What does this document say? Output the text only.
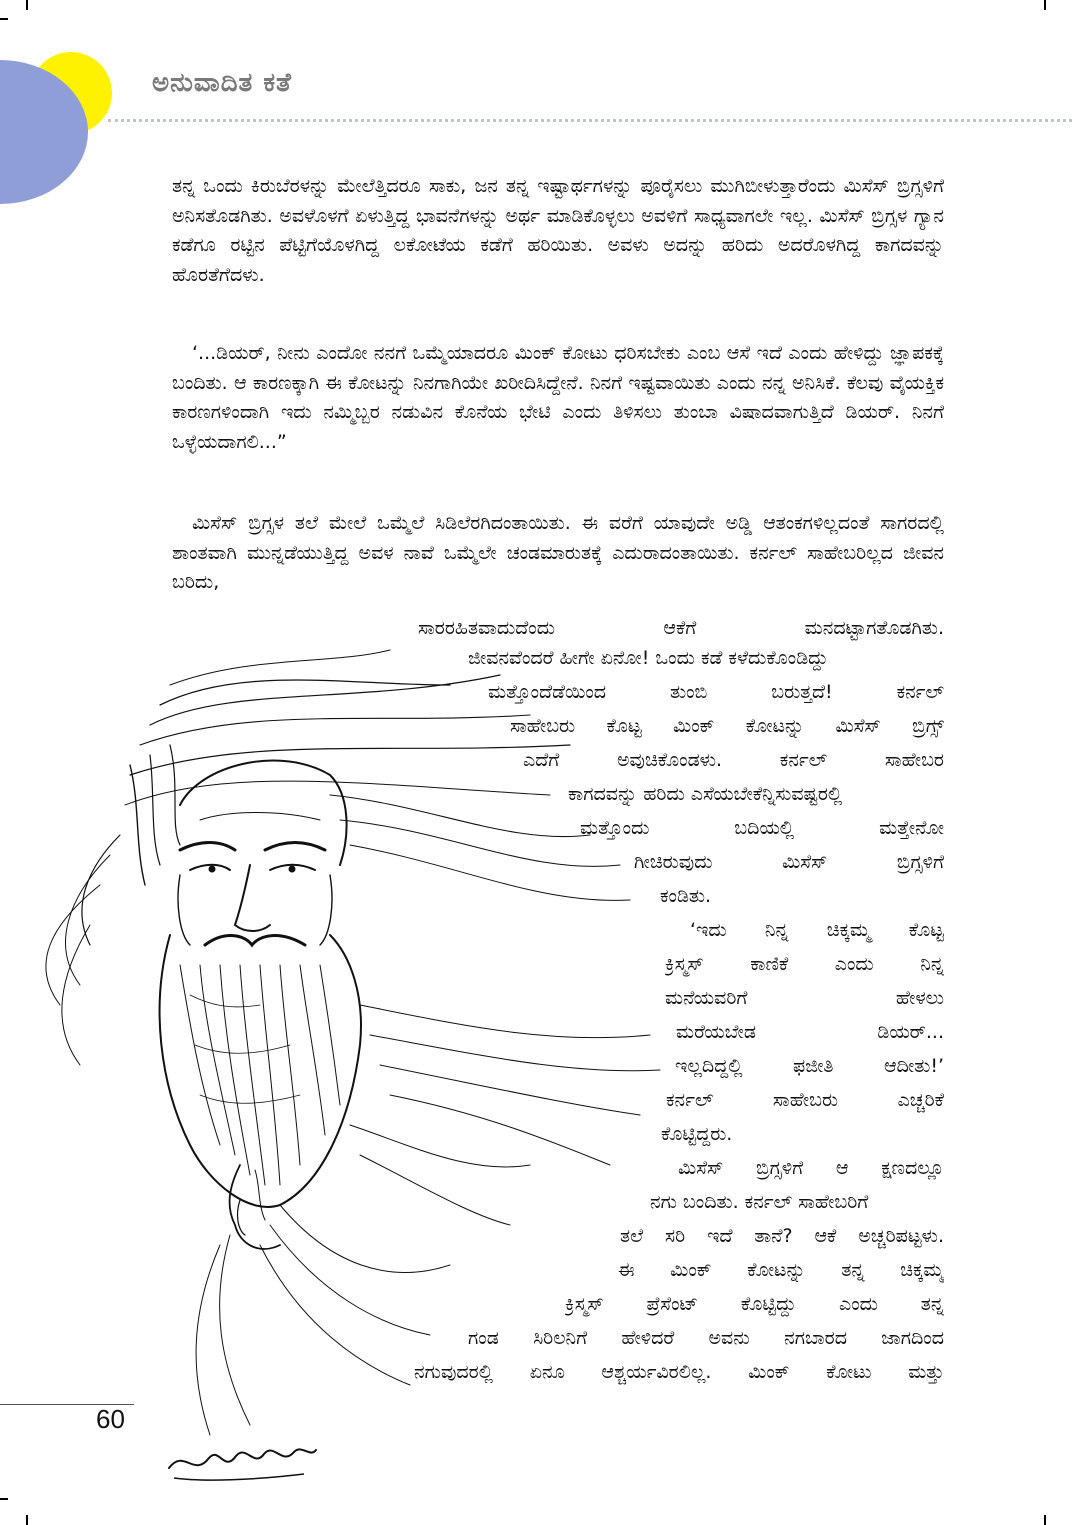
ಅನುವಾದಿತ ಕತೆ

ತನ್ನ ಒಂದು ಕಿರುಬೆರಳನ್ನು ಮೇಲೆತ್ತಿದರೂ ಸಾಕು, ಜನ ತನ್ನ ಇಷ್ಟಾರ್ಥಗಳನ್ನು ಪೂರೈಸಲು ಮುಗಿಬೀಳುತ್ತಾರೆಂದು ಮಿಸೆಸ್ ಬ್ರಿಗ್ಸಳಿಗೆ ಅನಿಸತೊಡಗಿತು. ಅವಳೊಳಗೆ ಏಳುತ್ತಿದ್ದ ಭಾವನೆಗಳನ್ನು ಅರ್ಥ ಮಾಡಿಕೊಳ್ಳಲು ಅವಳಿಗೆ ಸಾಧ್ಯವಾಗಲೇ ಇಲ್ಲ. ಮಿಸೆಸ್ ಬ್ರಿಗ್ಸಳ ಗ್ಯಾನ ಕಡೆಗೂ ರಟ್ಟಿನ ಪೆಟ್ಟಿಗೆಯೊಳಗಿದ್ದ ಲಕೋಟೆಯ ಕಡೆಗೆ ಹರಿಯಿತು. ಅವಳು ಅದನ್ನು ಹರಿದು ಅದರೊಳಗಿದ್ದ ಕಾಗದವನ್ನು ಹೊರತೆಗೆದಳು.

‘...ಡಿಯರ್, ನೀನು ಎಂದೋ ನನಗೆ ಒಮ್ಮೆಯಾದರೂ ಮಿಂಕ್ ಕೋಟು ಧರಿಸಬೇಕು ಎಂಬ ಆಸೆ ಇದೆ ಎಂದು ಹೇಳಿದ್ದು ಜ್ಞಾಪಕಕ್ಕೆ ಬಂದಿತು. ಆ ಕಾರಣಕ್ಕಾಗಿ ಈ ಕೋಟನ್ನು ನಿನಗಾಗಿಯೇ ಖರೀದಿಸಿದ್ದೇನೆ. ನಿನಗೆ ಇಷ್ಟವಾಯಿತು ಎಂದು ನನ್ನ ಅನಿಸಿಕೆ. ಕೆಲವು ವೈಯಕ್ತಿಕ ಕಾರಣಗಳಿಂದಾಗಿ ಇದು ನಮ್ಮಿಬ್ಬರ ನಡುವಿನ ಕೊನೆಯ ಭೇಟಿ ಎಂದು ತಿಳಿಸಲು ತುಂಬಾ ವಿಷಾದವಾಗುತ್ತಿದೆ ಡಿಯರ್. ನಿನಗೆ ಒಳ್ಳೆಯದಾಗಲಿ...”

ಮಿಸೆಸ್ ಬ್ರಿಗ್ಸಳ ತಲೆ ಮೇಲೆ ಒಮ್ಮೆಲೆ ಸಿಡಿಲೆರಗಿದಂತಾಯಿತು. ಈ ವರೆಗೆ ಯಾವುದೇ ಅಡ್ಡಿ ಆತಂಕಗಳಿಲ್ಲದಂತೆ ಸಾಗರದಲ್ಲಿ ಶಾಂತವಾಗಿ ಮುನ್ನಡೆಯುತ್ತಿದ್ದ ಅವಳ ನಾವೆ ಒಮ್ಮೆಲೇ ಚಂಡಮಾರುತಕ್ಕೆ ಎದುರಾದಂತಾಯಿತು. ಕರ್ನಲ್ ಸಾಹೇಬರಿಲ್ಲದ ಜೀವನ ಬರಿದು,

ಸಾರರಹಿತವಾದುದೆಂದು ಆಕೆಗೆ ಮನದಟ್ಟಾಗತೊಡಗಿತು.

ಜೀವನವೆಂದರೆ ಹೀಗೇ ಏನೋ! ಒಂದು ಕಡೆ ಕಳೆದುಕೊಂಡಿದ್ದು

ಮತ್ತೊಂದೆಡೆಯಿಂದ ತುಂಬಿ ಬರುತ್ತದೆ! ಕರ್ನಲ್

ಸಾಹೇಬರು ಕೊಟ್ಟ ಮಿಂಕ್ ಕೋಟನ್ನು ಮಿಸೆಸ್ ಬ್ರಿಗ್ಸ್

ಎದೆಗೆ ಅವುಚಿಕೊಂಡಳು. ಕರ್ನಲ್ ಸಾಹೇಬರ

ಕಾಗದವನ್ನು ಹರಿದು ಎಸೆಯಬೇಕೆನ್ನಿಸುವಷ್ಟರಲ್ಲಿ

ಮತ್ತೊಂದು ಬದಿಯಲ್ಲಿ ಮತ್ತೇನೋ

ಗೀಚಿರುವುದು ಮಿಸೆಸ್ ಬ್ರಿಗ್ಸಳಿಗೆ

ಕಂಡಿತು.

‘ಇದು ನಿನ್ನ ಚಿಕ್ಕಮ್ಮ ಕೊಟ್ಟ

ಕ್ರಿಸ್ಮಸ್ ಕಾಣಿಕೆ ಎಂದು ನಿನ್ನ

ಮನೆಯವರಿಗೆ ಹೇಳಲು

ಮರೆಯಬೇಡ ಡಿಯರ್...

ಇಲ್ಲದಿದ್ದಲ್ಲಿ ಫಜೀತಿ ಆದೀತು!’

ಕರ್ನಲ್ ಸಾಹೇಬರು ಎಚ್ಚರಿಕೆ

ಕೊಟ್ಟಿದ್ದರು.

ಮಿಸೆಸ್ ಬ್ರಿಗ್ಸಳಿಗೆ ಆ ಕ್ಷಣದಲ್ಲೂ

ನಗು ಬಂದಿತು. ಕರ್ನಲ್ ಸಾಹೇಬರಿಗೆ

ತಲೆ ಸರಿ ಇದೆ ತಾನೆ? ಆಕೆ ಅಚ್ಚರಿಪಟ್ಟಳು.

ಈ ಮಿಂಕ್ ಕೋಟನ್ನು ತನ್ನ ಚಿಕ್ಕಮ್ಮ

ಕ್ರಿಸ್ಮಸ್ ಪ್ರೆಸೆಂಟ್ ಕೊಟ್ಟಿದ್ದು ಎಂದು ತನ್ನ

ಗಂಡ ಸಿರಿಲನಿಗೆ ಹೇಳಿದರೆ ಅವನು ನಗಬಾರದ ಜಾಗದಿಂದ

ನಗುವುದರಲ್ಲಿ ಏನೂ ಆಶ್ಚರ್ಯವಿರಲಿಲ್ಲ. ಮಿಂಕ್ ಕೋಟು ಮತ್ತು

60
